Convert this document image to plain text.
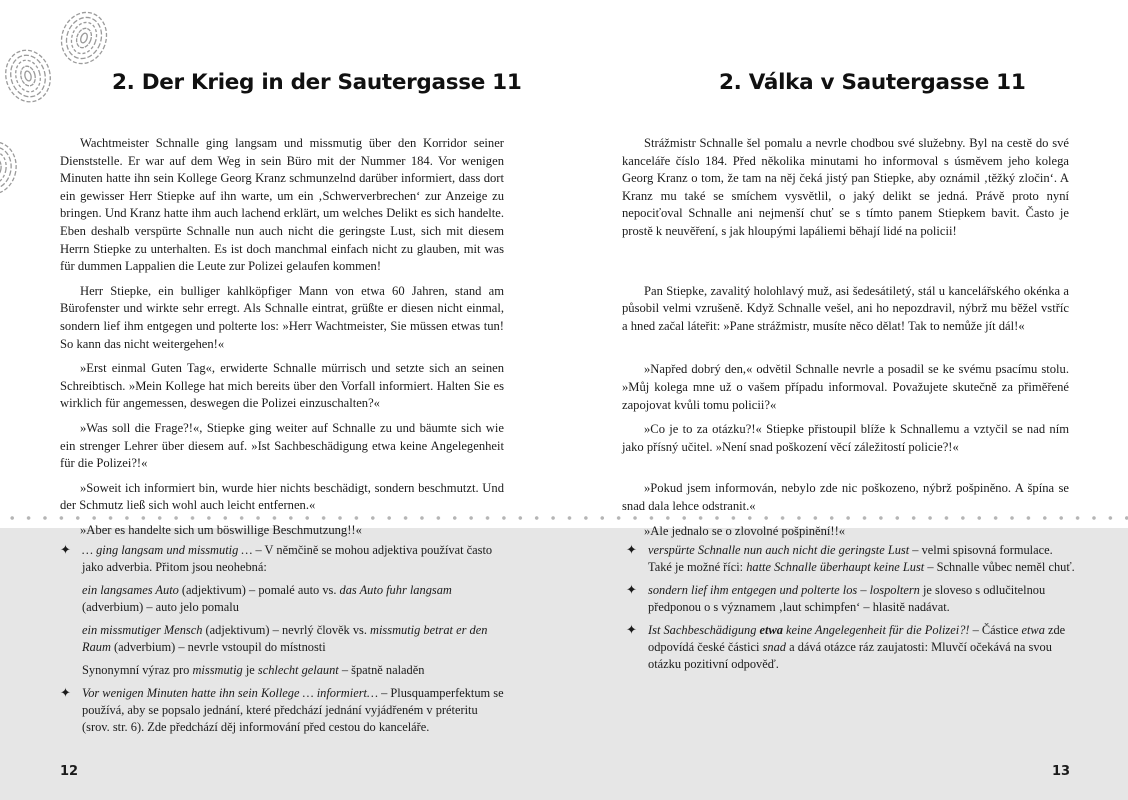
2. Der Krieg in der Sautergasse 11

Wachtmeister Schnalle ging langsam und missmutig über den Korridor seiner Dienststelle. Er war auf dem Weg in sein Büro mit der Nummer 184. Vor wenigen Minuten hatte ihn sein Kollege Georg Kranz schmunzelnd darüber informiert, dass dort ein gewisser Herr Stiepke auf ihn warte, um ein ‚Schwerverbrechen‘ zur Anzeige zu bringen. Und Kranz hatte ihm auch lachend erklärt, um welches Delikt es sich handelte. Eben deshalb verspürte Schnalle nun auch nicht die geringste Lust, sich mit diesem Herrn Stiepke zu unterhalten. Es ist doch manchmal einfach nicht zu glauben, mit was für dummen Lappalien die Leute zur Polizei gelaufen kommen!

Herr Stiepke, ein bulliger kahlköpfiger Mann von etwa 60 Jahren, stand am Bürofenster und wirkte sehr erregt. Als Schnalle eintrat, grüßte er diesen nicht einmal, sondern lief ihm entgegen und polterte los: »Herr Wachtmeister, Sie müssen etwas tun! So kann das nicht weitergehen!«

»Erst einmal Guten Tag«, erwiderte Schnalle mürrisch und setzte sich an seinen Schreibtisch. »Mein Kollege hat mich bereits über den Vorfall informiert. Halten Sie es wirklich für angemessen, deswegen die Polizei einzuschalten?«

»Was soll die Frage?!«, Stiepke ging weiter auf Schnalle zu und bäumte sich wie ein strenger Lehrer über diesem auf. »Ist Sachbeschädigung etwa keine Angelegenheit für die Polizei?!«

»Soweit ich informiert bin, wurde hier nichts beschädigt, sondern beschmutzt. Und der Schmutz ließ sich wohl auch leicht entfernen.«

»Aber es handelte sich um böswillige Beschmutzung!!«

✦ … ging langsam und missmutig … – V němčině se mohou adjektiva používat často jako adverbia. Přitom jsou neohebná:

ein langsames Auto (adjektivum) – pomalé auto vs. das Auto fuhr langsam (adverbium) – auto jelo pomalu

ein missmutiger Mensch (adjektivum) – nevrlý člověk vs. missmutig betrat er den Raum (adverbium) – nevrle vstoupil do místnosti

Synonymní výraz pro missmutig je schlecht gelaunt – špatně naladěn

✦ Vor wenigen Minuten hatte ihn sein Kollege … informiert… – Plusquamperfektum se používá, aby se popsalo jednání, které předchází jednání vyjádřeném v préteritu (srov. str. 6). Zde předchází děj informování před cestou do kanceláře.

12
2. Válka v Sautergasse 11

Strážmistr Schnalle šel pomalu a nevrle chodbou své služebny. Byl na cestě do své kanceláře číslo 184. Před několika minutami ho informoval s úsměvem jeho kolega Georg Kranz o tom, že tam na něj čeká jistý pan Stiepke, aby oznámil ‚těžký zločin‘. A Kranz mu také se smíchem vysvětlil, o jaký delikt se jedná. Právě proto nyní nepociťoval Schnalle ani nejmenší chuť se s tímto panem Stiepkem bavit. Často je prostě k neuvěření, s jak hloupými lapáliemi běhají lidé na policii!

Pan Stiepke, zavalitý holohlavý muž, asi šedesátiletý, stál u kancelářského okénka a působil velmi vzrušeně. Když Schnalle vešel, ani ho nepozdravil, nýbrž mu běžel vstříc a hned začal láteřit: »Pane strážmistr, musíte něco dělat! Tak to nemůže jít dál!«

»Napřed dobrý den,« odvětil Schnalle nevrle a posadil se ke svému psacímu stolu. »Můj kolega mne už o vašem případu informoval. Považujete skutečně za přiměřené zapojovat kvůli tomu policii?«

»Co je to za otázku?!« Stiepke přistoupil blíže k Schnallemu a vztyčil se nad ním jako přísný učitel. »Není snad poškození věcí záležitostí policie?!«

»Pokud jsem informován, nebylo zde nic poškozeno, nýbrž pošpiněno. A špína se snad dala lehce odstranit.«

»Ale jednalo se o zlovolné pošpinění!!«

✦ verspürte Schnalle nun auch nicht die geringste Lust – velmi spisovná formulace. Také je možné říci: hatte Schnalle überhaupt keine Lust – Schnalle vůbec neměl chuť.

✦ sondern lief ihm entgegen und polterte los – lospoltern je sloveso s odlučitelnou předponou o s významem ‚laut schimpfen‘ – hlasitě nadávat.

✦ Ist Sachbeschädigung etwa keine Angelegenheit für die Polizei?! – Částice etwa zde odpovídá české částici snad a dává otázce ráz zaujatosti: Mluvčí očekává na svou otázku pozitivní odpověď.

13
